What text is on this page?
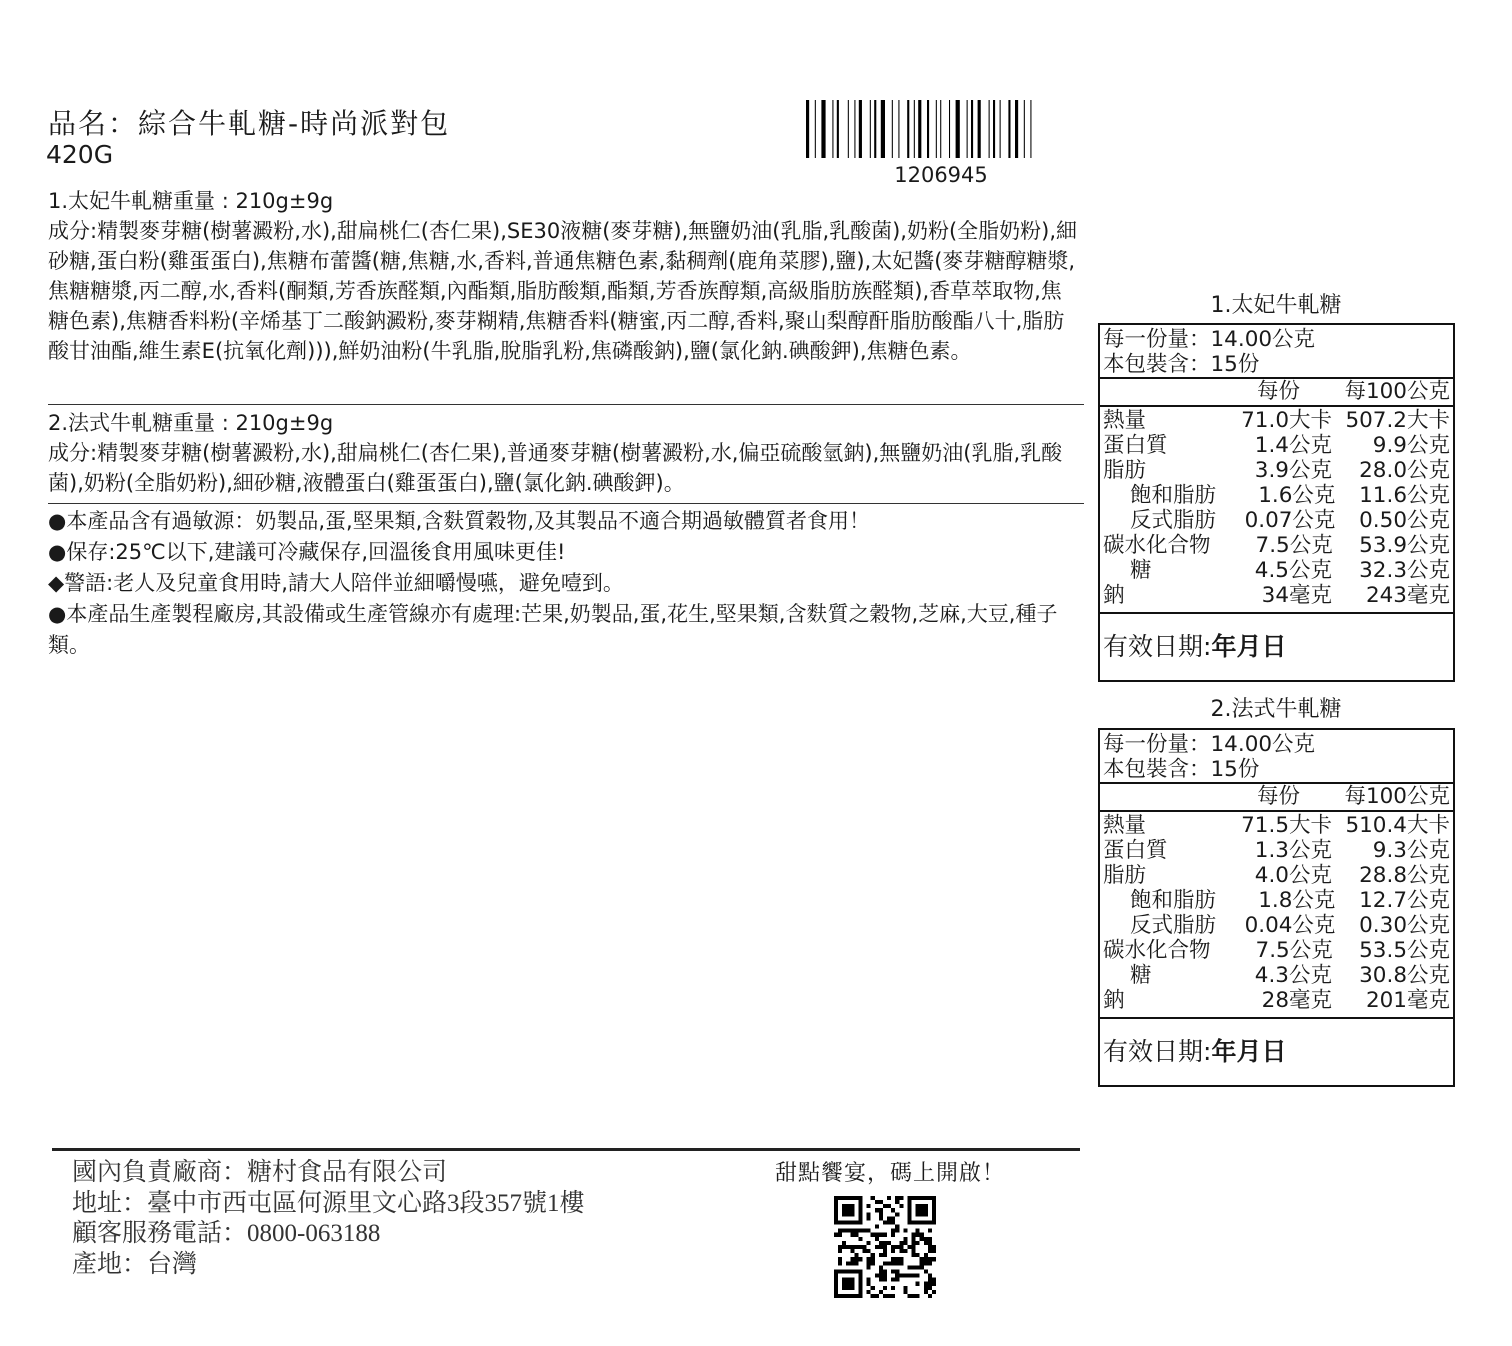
品名：綜合牛軋糖-時尚派對包
420G
1206945
1.太妃牛軋糖重量 : 210g±9g
成分:精製麥芽糖(樹薯澱粉,水),甜扁桃仁(杏仁果),SE30液糖(麥芽糖),無鹽奶油(乳脂,乳酸菌),奶粉(全脂奶粉),細砂糖,蛋白粉(雞蛋蛋白),焦糖布蕾醬(糖,焦糖,水,香料,普通焦糖色素,黏稠劑(鹿角菜膠),鹽),太妃醬(麥芽糖醇糖漿,焦糖糖漿,丙二醇,水,香料(酮類,芳香族醛類,內酯類,脂肪酸類,酯類,芳香族醇類,高級脂肪族醛類),香草萃取物,焦糖色素),焦糖香料粉(辛烯基丁二酸鈉澱粉,麥芽糊精,焦糖香料(糖蜜,丙二醇,香料,聚山梨醇酐脂肪酸酯八十,脂肪酸甘油酯,維生素E(抗氧化劑))),鮮奶油粉(牛乳脂,脫脂乳粉,焦磷酸鈉),鹽(氯化鈉.碘酸鉀),焦糖色素。
2.法式牛軋糖重量 : 210g±9g
成分:精製麥芽糖(樹薯澱粉,水),甜扁桃仁(杏仁果),普通麥芽糖(樹薯澱粉,水,偏亞硫酸氫鈉),無鹽奶油(乳脂,乳酸菌),奶粉(全脂奶粉),細砂糖,液體蛋白(雞蛋蛋白),鹽(氯化鈉.碘酸鉀)。
●本產品含有過敏源：奶製品,蛋,堅果類,含麩質穀物,及其製品不適合期過敏體質者食用！
●保存:25℃以下,建議可冷藏保存,回溫後食用風味更佳!
◆警語:老人及兒童食用時,請大人陪伴並細嚼慢嚥，避免噎到。
●本產品生產製程廠房,其設備或生產管線亦有處理:芒果,奶製品,蛋,花生,堅果類,含麩質之穀物,芝麻,大豆,種子類。
1.太妃牛軋糖
每一份量：14.00公克
本包裝含：15份
每份	每100公克
熱量	71.0大卡 507.2大卡
蛋白質	1.4公克	9.9公克
脂肪	3.9公克	28.0公克
飽和脂肪	1.6公克	11.6公克
反式脂肪	0.07公克	0.50公克
碳水化合物	7.5公克	53.9公克
糖	4.5公克	32.3公克
鈉	34毫克	243毫克
有效日期:年月日
2.法式牛軋糖
每一份量：14.00公克
本包裝含：15份
每份	每100公克
熱量	71.5大卡 510.4大卡
蛋白質	1.3公克	9.3公克
脂肪	4.0公克	28.8公克
飽和脂肪	1.8公克	12.7公克
反式脂肪	0.04公克	0.30公克
碳水化合物	7.5公克	53.5公克
糖	4.3公克	30.8公克
鈉	28毫克	201毫克
有效日期:年月日
國內負責廠商：糖村食品有限公司
地址：臺中市西屯區何源里文心路3段357號1樓
顧客服務電話：0800-063188
產地：台灣
甜點饗宴，碼上開啟！
